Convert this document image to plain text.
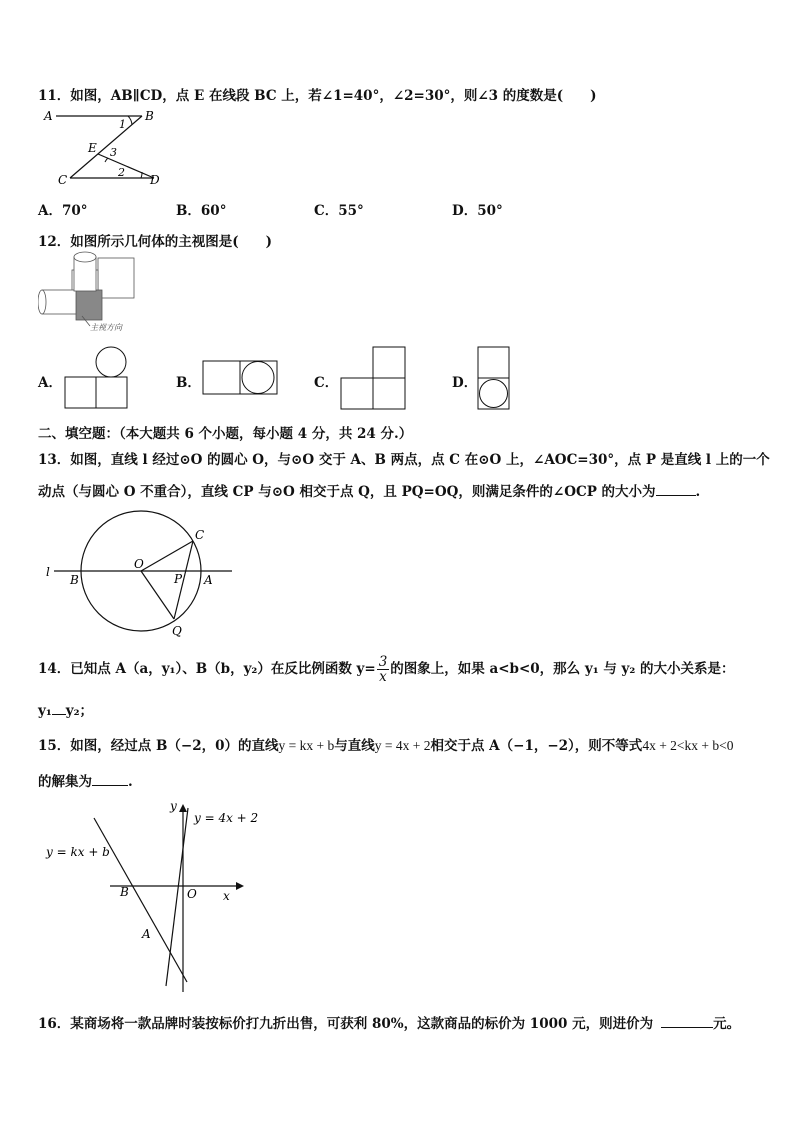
11．如图，AB∥CD，点 E 在线段 BC 上，若∠1=40°，∠2=30°，则∠3 的度数是(　　)
A	B
C	D
E
1
2
3
A．70°	B．60°	C．55°	D．50°
12．如图所示几何体的主视图是(　　)
主视方向
A．	B．	C．	D．
二、填空题：（本大题共 6 个小题，每小题 4 分，共 24 分.）
13．如图，直线 l 经过⊙O 的圆心 O，与⊙O 交于 A、B 两点，点 C 在⊙O 上，∠AOC=30°，点 P 是直线 l 上的一个
动点（与圆心 O 不重合），直线 CP 与⊙O 相交于点 Q，且 PQ=OQ，则满足条件的∠OCP 的大小为	.
l
O
B	A
C
P
Q
14．已知点 A（a，y₁）、B（b，y₂）在反比例函数 $y= \frac{3}{x}$ 的图象上，如果 a<b<0，那么 y₁ 与 y₂ 的大小关系是：
y₁ y₂；
15．如图，经过点 B（−2，0）的直线y = kx + b与直线y = 4x + 2相交于点 A（−1，−2），则不等式4x + 2<kx + b<0
的解集为	.
y
x
B	O
A
y = kx + b
y = 4x + 2
16．某商场将一款品牌时装按标价打九折出售，可获利 80%，这款商品的标价为 1000 元，则进价为	元。
